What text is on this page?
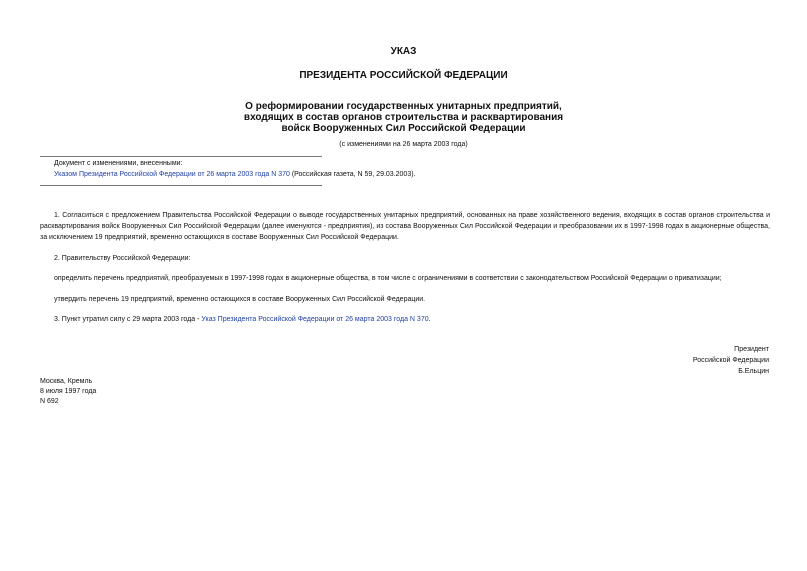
УКАЗ
ПРЕЗИДЕНТА РОССИЙСКОЙ ФЕДЕРАЦИИ
О реформировании государственных унитарных предприятий,
входящих в состав органов строительства и расквартирования
войск Вооруженных Сил Российской Федерации
(с изменениями на 26 марта 2003 года)
Документ с изменениями, внесенными:
Указом Президента Российской Федерации от 26 марта 2003 года N 370 (Российская газета, N 59, 29.03.2003).
1. Согласиться с предложением Правительства Российской Федерации о выводе государственных унитарных предприятий, основанных на праве хозяйственного ведения, входящих в состав органов строительства и расквартирования войск Вооруженных Сил Российской Федерации (далее именуются - предприятия), из состава Вооруженных Сил Российской Федерации и преобразовании их в 1997-1998 годах в акционерные общества, за исключением 19 предприятий, временно остающихся в составе Вооруженных Сил Российской Федерации.
2. Правительству Российской Федерации:
определить перечень предприятий, преобразуемых в 1997-1998 годах в акционерные общества, в том числе с ограничениями в соответствии с законодательством Российской Федерации о приватизации;
утвердить перечень 19 предприятий, временно остающихся в составе Вооруженных Сил Российской Федерации.
3. Пункт утратил силу с 29 марта 2003 года - Указ Президента Российской Федерации от 26 марта 2003 года N 370.
Президент
Российской Федерации
Б.Ельцин
Москва, Кремль
8 июля 1997 года
N 692
